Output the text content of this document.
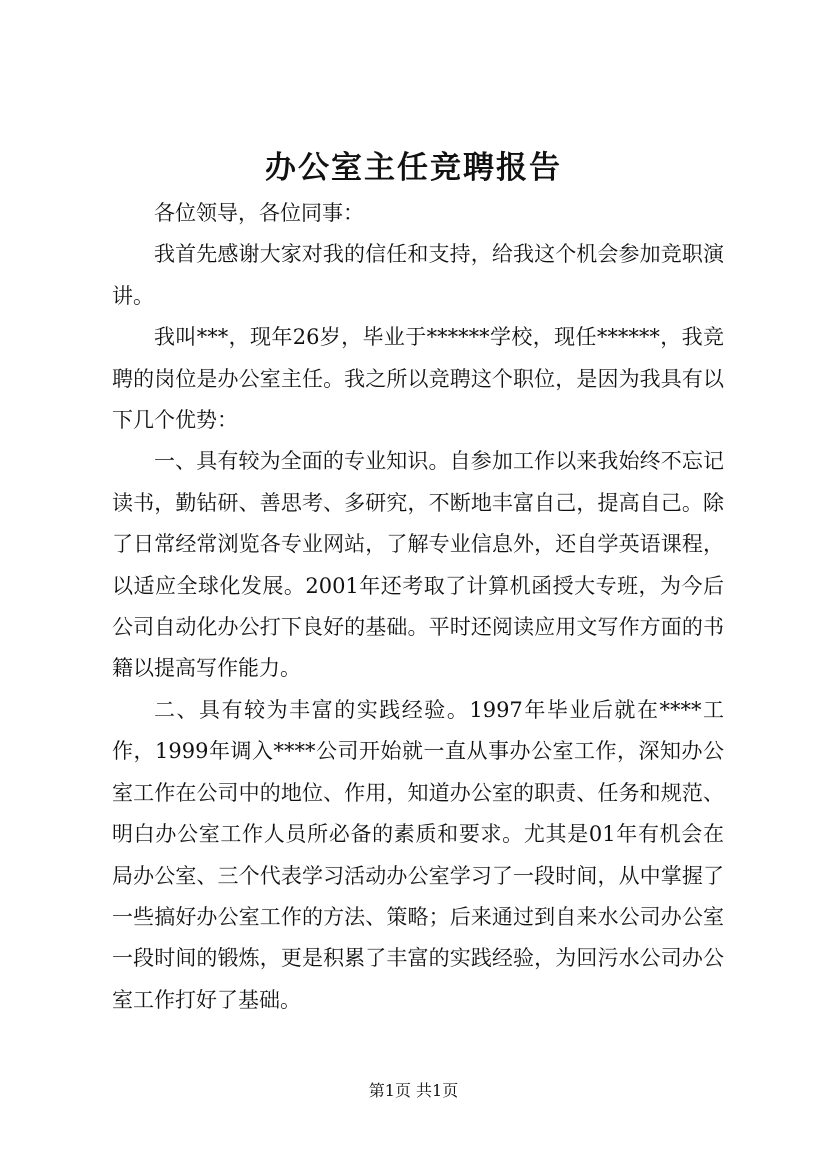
办公室主任竞聘报告

各位领导，各位同事：

我首先感谢大家对我的信任和支持，给我这个机会参加竞职演讲。

我叫***，现年26岁，毕业于******学校，现任******，我竞聘的岗位是办公室主任。我之所以竞聘这个职位，是因为我具有以下几个优势：

一、具有较为全面的专业知识。自参加工作以来我始终不忘记读书，勤钻研、善思考、多研究，不断地丰富自己，提高自己。除了日常经常浏览各专业网站，了解专业信息外，还自学英语课程，以适应全球化发展。2001年还考取了计算机函授大专班，为今后公司自动化办公打下良好的基础。平时还阅读应用文写作方面的书籍以提高写作能力。

二、具有较为丰富的实践经验。1997年毕业后就在****工作，1999年调入****公司开始就一直从事办公室工作，深知办公室工作在公司中的地位、作用，知道办公室的职责、任务和规范、明白办公室工作人员所必备的素质和要求。尤其是01年有机会在局办公室、三个代表学习活动办公室学习了一段时间，从中掌握了一些搞好办公室工作的方法、策略；后来通过到自来水公司办公室一段时间的锻炼，更是积累了丰富的实践经验，为回污水公司办公室工作打好了基础。

第1页 共1页
